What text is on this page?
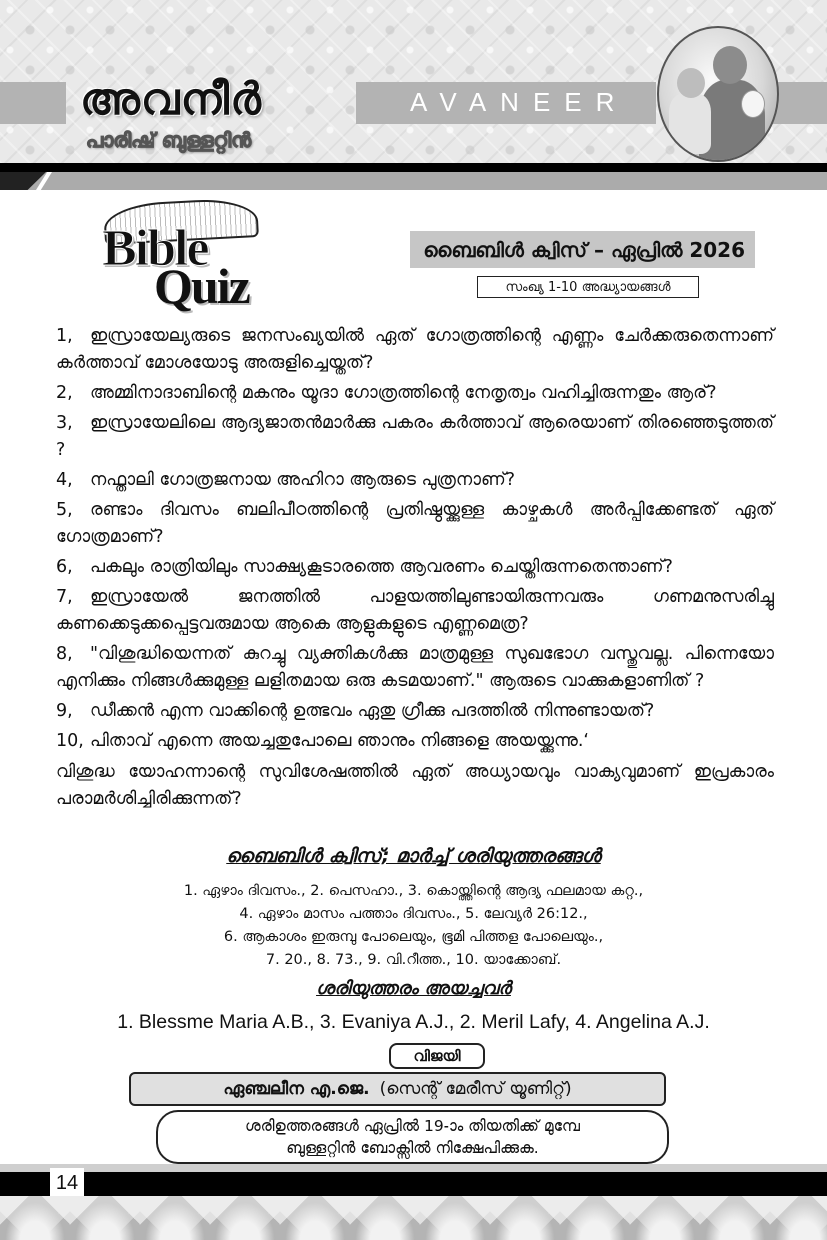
അവനീർ
പാരിഷ് ബുള്ളറ്റിൻ
AVANEER
Bible
Quiz
ബൈബിൾ ക്വിസ് – ഏപ്രിൽ 2026
സംഖ്യ 1-10 അദ്ധ്യായങ്ങൾ

1, ഇസ്രായേല്യരുടെ ജനസംഖ്യയിൽ ഏത് ഗോത്രത്തിന്റെ എണ്ണം ചേർക്കരുതെന്നാണ് കർത്താവ് മോശയോടു അരുളിച്ചെയ്തത്?

2, അമ്മിനാദാബിന്റെ മകനും യൂദാ ഗോത്രത്തിന്റെ നേതൃത്വം വഹിച്ചിരുന്നതും ആര്?

3, ഇസ്രായേലിലെ ആദ്യജാതൻമാർക്കു പകരം കർത്താവ് ആരെയാണ് തിരഞ്ഞെടുത്തത് ?

4, നഫ്താലി ഗോത്രജനായ അഹിറാ ആരുടെ പുത്രനാണ്?

5, രണ്ടാം ദിവസം ബലിപീഠത്തിന്റെ പ്രതിഷ്ഠയ്ക്കുള്ള കാഴ്ചകൾ അർപ്പിക്കേണ്ടത് ഏത് ഗോത്രമാണ്?

6, പകലും രാത്രിയിലും സാക്ഷ്യകൂടാരത്തെ ആവരണം ചെയ്തിരുന്നതെന്താണ്?

7, ഇസ്രായേൽ ജനത്തിൽ പാളയത്തിലുണ്ടായിരുന്നവരും ഗണമനുസരിച്ചു കണക്കെടുക്കപ്പെട്ടവരുമായ ആകെ ആളുകളുടെ എണ്ണമെത്ര?

8, "വിശുദ്ധിയെന്നത് കുറച്ചു വ്യക്തികൾക്കു മാത്രമുള്ള സുഖഭോഗ വസ്തുവല്ല. പിന്നെയോ എനിക്കും നിങ്ങൾക്കുമുള്ള ലളിതമായ ഒരു കടമയാണ്." ആരുടെ വാക്കുകളാണിത് ?

9, ഡീക്കൻ എന്ന വാക്കിന്റെ ഉത്ഭവം ഏതു ഗ്രീക്കു പദത്തിൽ നിന്നുണ്ടായത്?

10, പിതാവ് എന്നെ അയച്ചതുപോലെ ഞാനും നിങ്ങളെ അയയ്ക്കുന്നു.‘

വിശുദ്ധ യോഹന്നാന്റെ സുവിശേഷത്തിൽ ഏത് അധ്യായവും വാക്യവുമാണ് ഇപ്രകാരം പരാമർശിച്ചിരിക്കുന്നത്?

ബൈബിൾ ക്വിസ്; മാർച്ച് ശരിയുത്തരങ്ങൾ
1. ഏഴാം ദിവസം., 2. പെസഹാ., 3. കൊയ്ത്തിന്റെ ആദ്യ ഫലമായ കറ്റ.,
4. ഏഴാം മാസം പത്താം ദിവസം., 5. ലേവ്യർ 26:12.,
6. ആകാശം ഇരുമ്പു പോലെയും, ഭൂമി പിത്തള പോലെയും.,
7. 20., 8. 73., 9. വി.റീത്ത., 10. യാക്കോബ്.
ശരിയുത്തരം അയച്ചവർ
1. Blessme Maria A.B., 3. Evaniya A.J., 2. Meril Lafy, 4. Angelina A.J.
വിജയി
ഏഞ്ചലീന എ.ജെ. (സെന്റ് മേരീസ് യൂണിറ്റ്)
ശരിഉത്തരങ്ങൾ ഏപ്രിൽ 19-ാം തിയതിക്ക് മുമ്പേ
ബുള്ളറ്റിൻ ബോക്സിൽ നിക്ഷേപിക്കുക.
14
